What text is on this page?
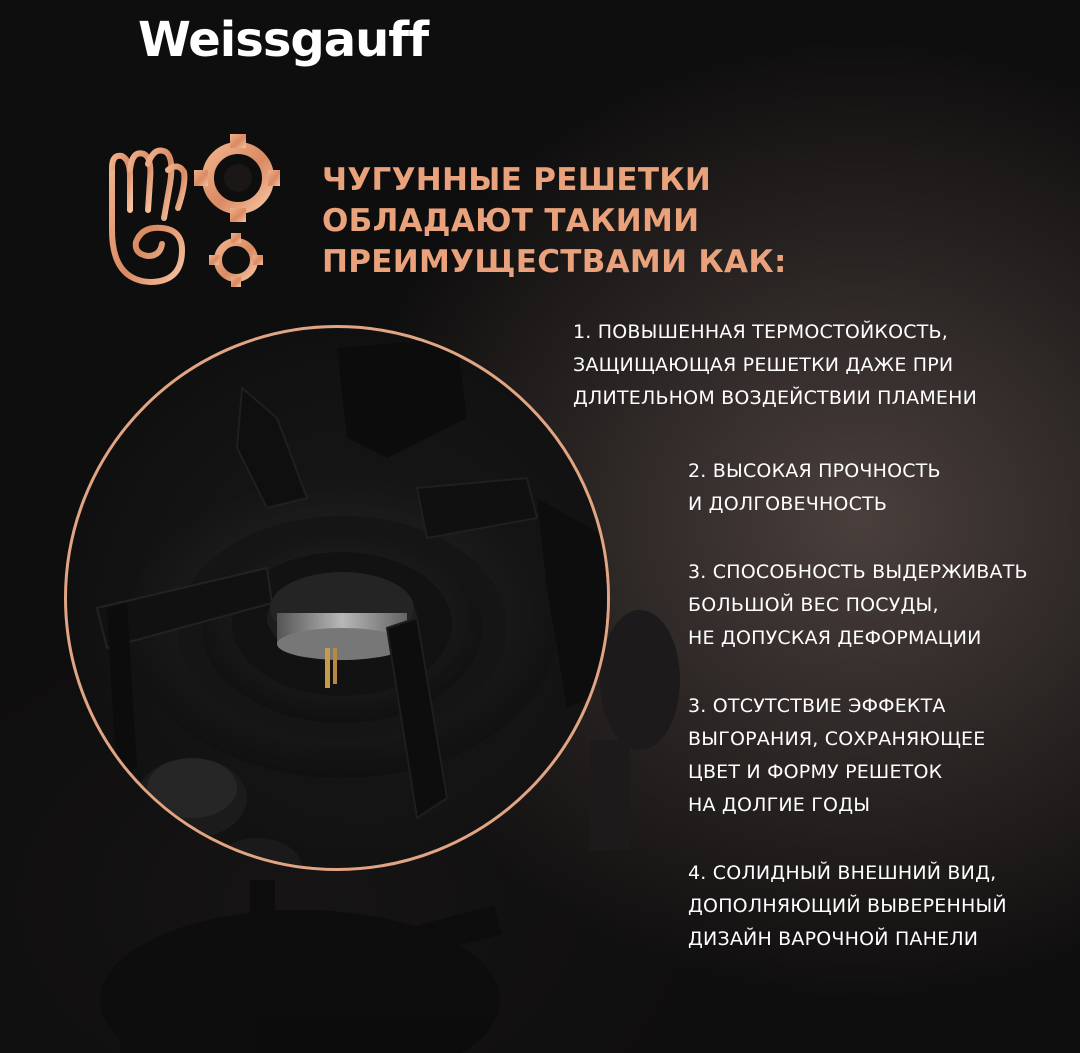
Weissgauff
ЧУГУННЫЕ РЕШЕТКИ
ОБЛАДАЮТ ТАКИМИ
ПРЕИМУЩЕСТВАМИ КАК:
1. ПОВЫШЕННАЯ ТЕРМОСТОЙКОСТЬ,
ЗАЩИЩАЮЩАЯ РЕШЕТКИ ДАЖЕ ПРИ
ДЛИТЕЛЬНОМ ВОЗДЕЙСТВИИ ПЛАМЕНИ
2. ВЫСОКАЯ ПРОЧНОСТЬ
И ДОЛГОВЕЧНОСТЬ
3. СПОСОБНОСТЬ ВЫДЕРЖИВАТЬ
БОЛЬШОЙ ВЕС ПОСУДЫ,
НЕ ДОПУСКАЯ ДЕФОРМАЦИИ
3. ОТСУТСТВИЕ ЭФФЕКТА
ВЫГОРАНИЯ, СОХРАНЯЮЩЕЕ
ЦВЕТ И ФОРМУ РЕШЕТОК
НА ДОЛГИЕ ГОДЫ
4. СОЛИДНЫЙ ВНЕШНИЙ ВИД,
ДОПОЛНЯЮЩИЙ ВЫВЕРЕННЫЙ
ДИЗАЙН ВАРОЧНОЙ ПАНЕЛИ
